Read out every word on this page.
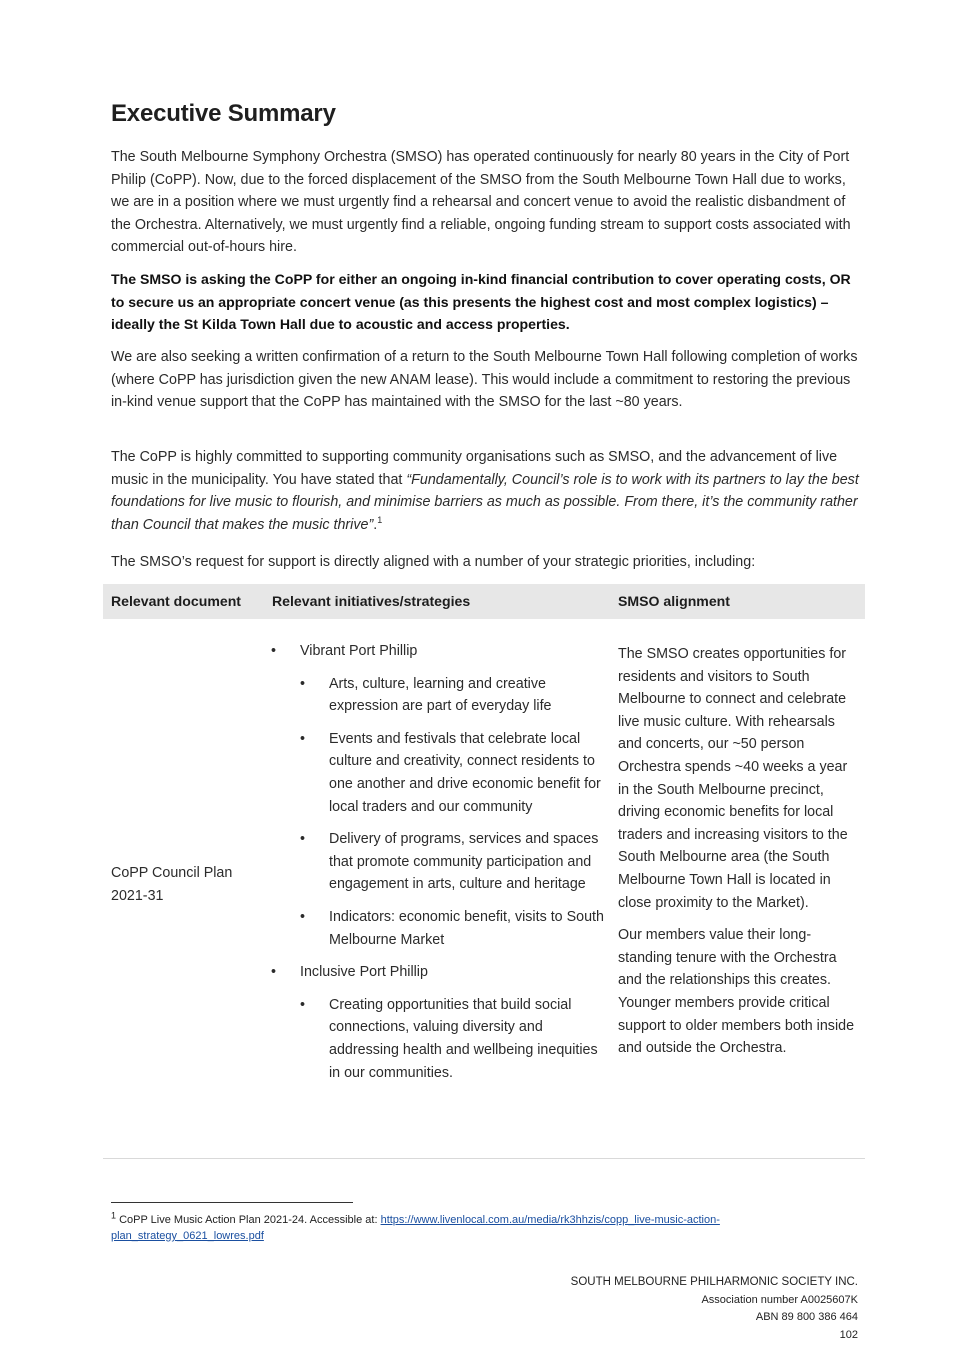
Executive Summary

The South Melbourne Symphony Orchestra (SMSO) has operated continuously for nearly 80 years in the City of Port Philip (CoPP). Now, due to the forced displacement of the SMSO from the South Melbourne Town Hall due to works, we are in a position where we must urgently find a rehearsal and concert venue to avoid the realistic disbandment of the Orchestra. Alternatively, we must urgently find a reliable, ongoing funding stream to support costs associated with commercial out-of-hours hire.

The SMSO is asking the CoPP for either an ongoing in-kind financial contribution to cover operating costs, OR to secure us an appropriate concert venue (as this presents the highest cost and most complex logistics) – ideally the St Kilda Town Hall due to acoustic and access properties.

We are also seeking a written confirmation of a return to the South Melbourne Town Hall following completion of works (where CoPP has jurisdiction given the new ANAM lease). This would include a commitment to restoring the previous in-kind venue support that the CoPP has maintained with the SMSO for the last ~80 years.

The CoPP is highly committed to supporting community organisations such as SMSO, and the advancement of live music in the municipality. You have stated that “Fundamentally, Council’s role is to work with its partners to lay the best foundations for live music to flourish, and minimise barriers as much as possible. From there, it’s the community rather than Council that makes the music thrive”.$^1$

The SMSO’s request for support is directly aligned with a number of your strategic priorities, including:

Relevant document Relevant initiatives/strategies	SMSO alignment
CoPP Council Plan 2021-31
• Vibrant Port Phillip
• Arts, culture, learning and creative expression are part of everyday life
• Events and festivals that celebrate local culture and creativity, connect residents to one another and drive economic benefit for local traders and our community
• Delivery of programs, services and spaces that promote community participation and engagement in arts, culture and heritage
• Indicators: economic benefit, visits to South Melbourne Market
• Inclusive Port Phillip
• Creating opportunities that build social connections, valuing diversity and addressing health and wellbeing inequities in our communities.

The SMSO creates opportunities for residents and visitors to South Melbourne to connect and celebrate live music culture. With rehearsals and concerts, our ~50 person Orchestra spends ~40 weeks a year in the South Melbourne precinct, driving economic benefits for local traders and increasing visitors to the South Melbourne area (the South Melbourne Town Hall is located in close proximity to the Market).

Our members value their long-standing tenure with the Orchestra and the relationships this creates. Younger members provide critical support to older members both inside and outside the Orchestra.

$^1$ CoPP Live Music Action Plan 2021-24. Accessible at: https://www.livenlocal.com.au/media/rk3hhzis/copp_live-music-action-plan_strategy_0621_lowres.pdf
SOUTH MELBOURNE PHILHARMONIC SOCIETY INC.
Association number A0025607K
ABN 89 800 386 464
102
